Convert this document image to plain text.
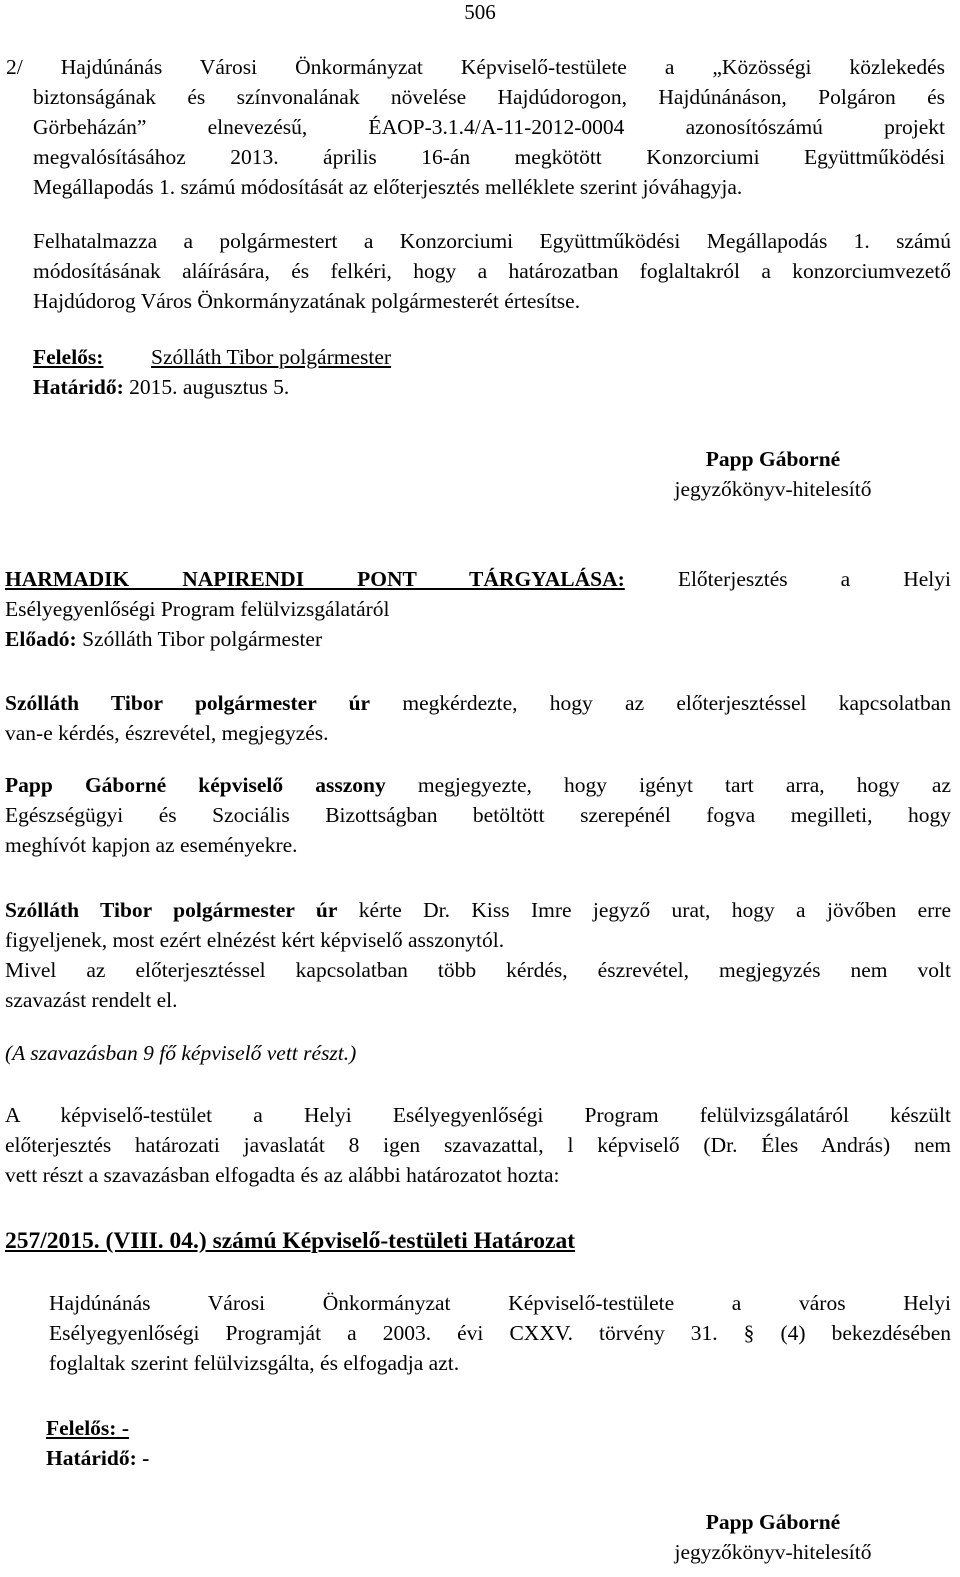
506
2/ Hajdúnánás Városi Önkormányzat Képviselő-testülete a „Közösségi közlekedés
biztonságának és színvonalának növelése Hajdúdorogon, Hajdúnánáson, Polgáron és
Görbeházán” elnevezésű, ÉAOP-3.1.4/A-11-2012-0004 azonosítószámú projekt
megvalósításához 2013. április 16-án megkötött Konzorciumi Együttműködési
Megállapodás 1. számú módosítását az előterjesztés melléklete szerint jóváhagyja.
Felhatalmazza a polgármestert a Konzorciumi Együttműködési Megállapodás 1. számú
módosításának aláírására, és felkéri, hogy a határozatban foglaltakról a konzorciumvezető
Hajdúdorog Város Önkormányzatának polgármesterét értesítse.
Felelős: Szólláth Tibor polgármester
Határidő: 2015. augusztus 5.
Papp Gáborné
jegyzőkönyv-hitelesítő
HARMADIK NAPIRENDI PONT TÁRGYALÁSA: Előterjesztés a Helyi
Esélyegyenlőségi Program felülvizsgálatáról
Előadó: Szólláth Tibor polgármester
Szólláth Tibor polgármester úr megkérdezte, hogy az előterjesztéssel kapcsolatban
van-e kérdés, észrevétel, megjegyzés.
Papp Gáborné képviselő asszony megjegyezte, hogy igényt tart arra, hogy az
Egészségügyi és Szociális Bizottságban betöltött szerepénél fogva megilleti, hogy
meghívót kapjon az eseményekre.
Szólláth Tibor polgármester úr kérte Dr. Kiss Imre jegyző urat, hogy a jövőben erre
figyeljenek, most ezért elnézést kért képviselő asszonytól.
Mivel az előterjesztéssel kapcsolatban több kérdés, észrevétel, megjegyzés nem volt
szavazást rendelt el.
(A szavazásban 9 fő képviselő vett részt.)
A képviselő-testület a Helyi Esélyegyenlőségi Program felülvizsgálatáról készült
előterjesztés határozati javaslatát 8 igen szavazattal, l képviselő (Dr. Éles András) nem
vett részt a szavazásban elfogadta és az alábbi határozatot hozta:
257/2015. (VIII. 04.) számú Képviselő-testületi Határozat
Hajdúnánás Városi Önkormányzat Képviselő-testülete a város Helyi
Esélyegyenlőségi Programját a 2003. évi CXXV. törvény 31. § (4) bekezdésében
foglaltak szerint felülvizsgálta, és elfogadja azt.
Felelős: -
Határidő: -
Papp Gáborné
jegyzőkönyv-hitelesítő
